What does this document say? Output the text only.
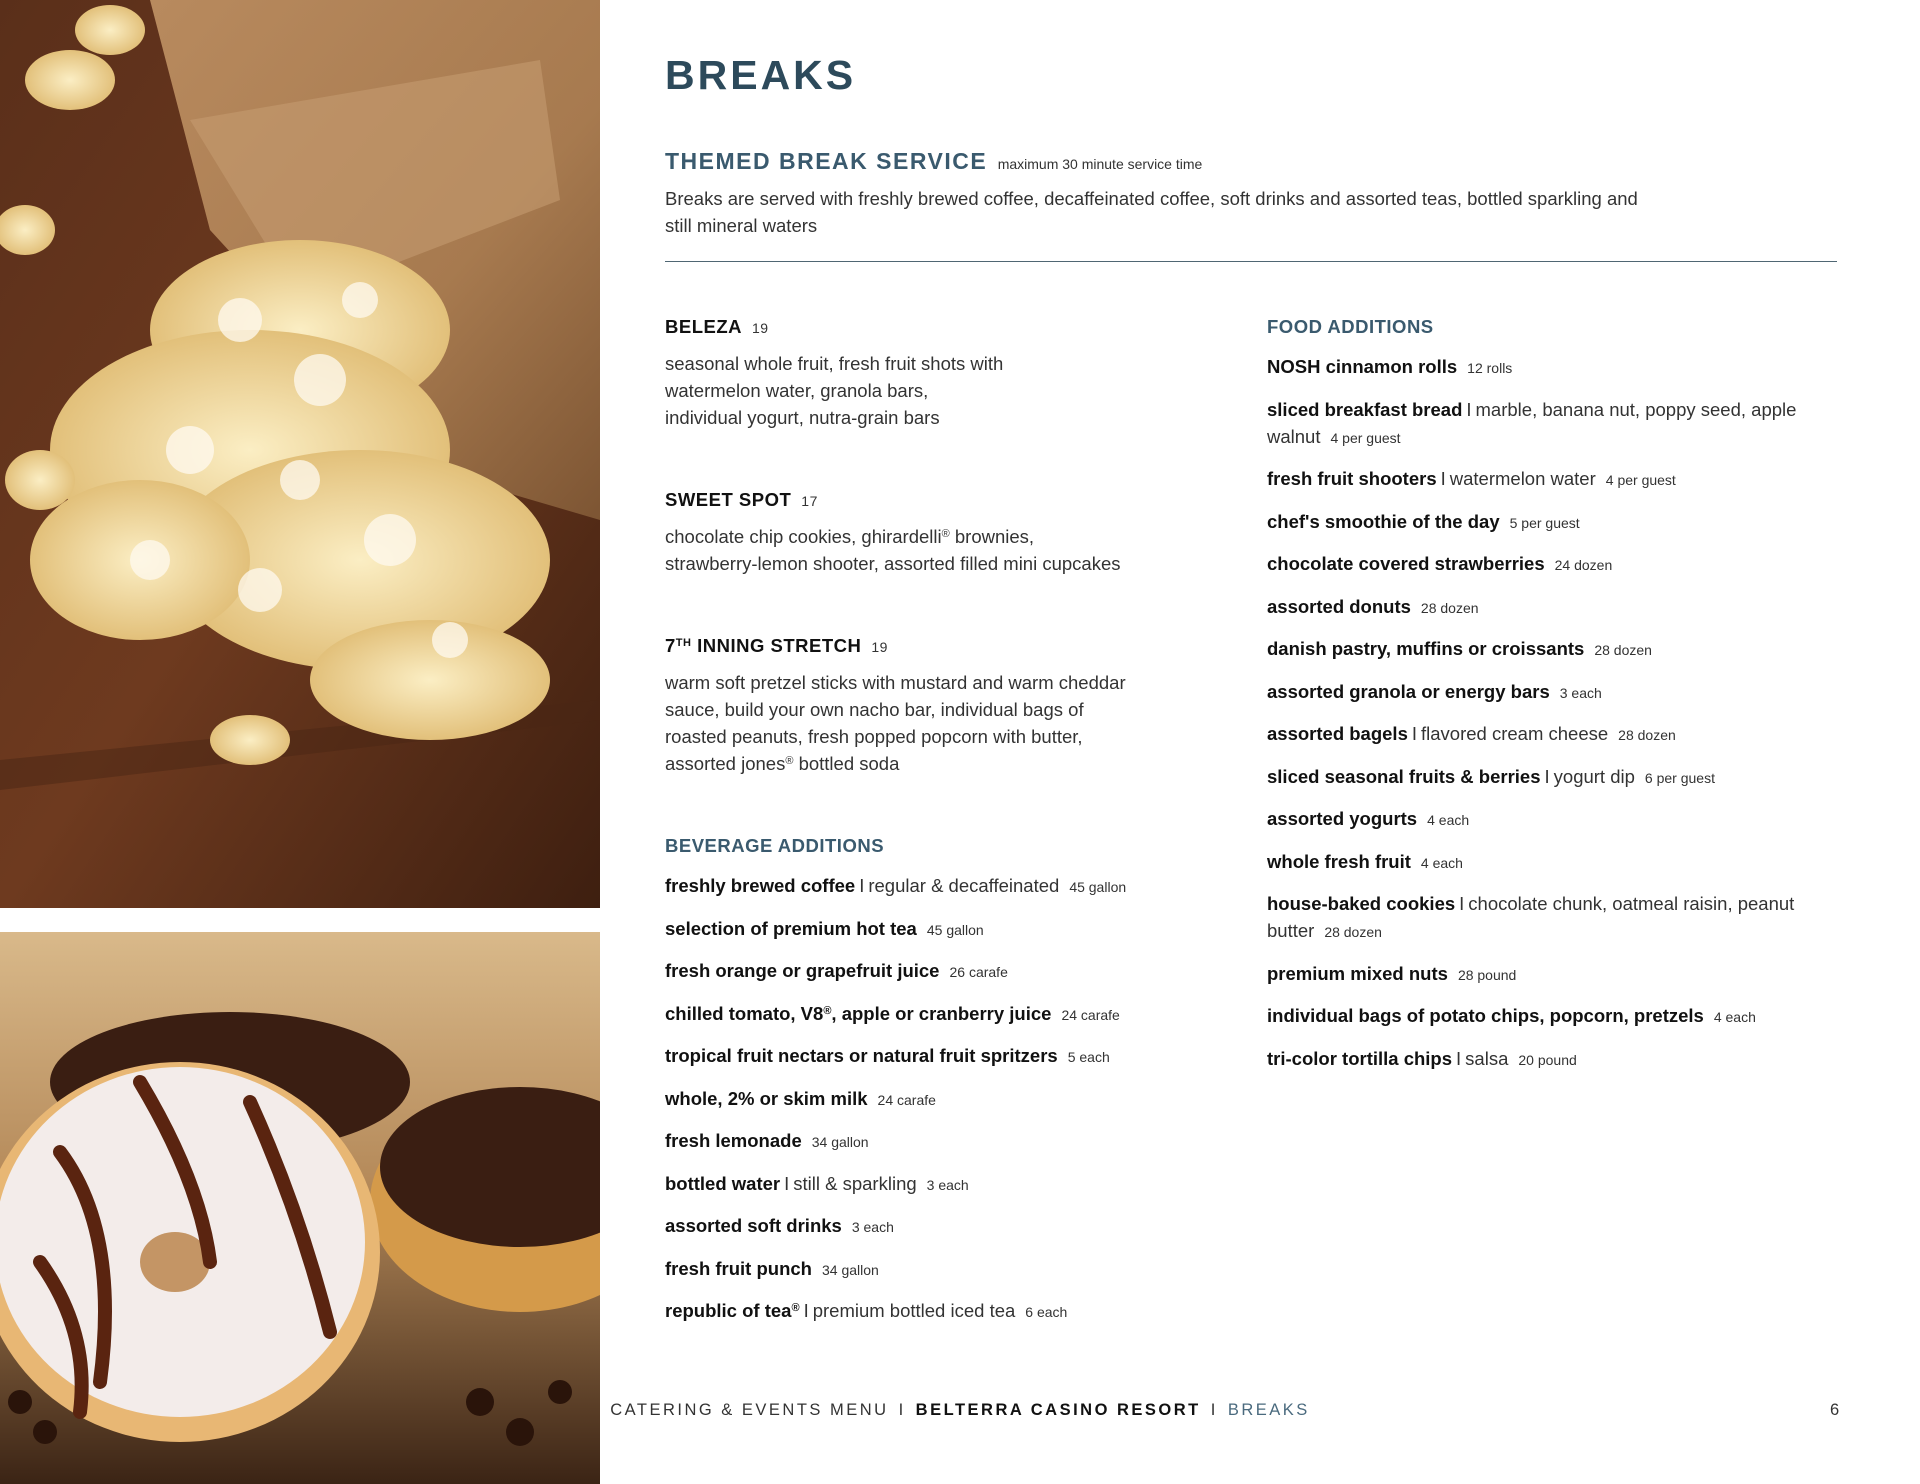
BREAKS
THEMED BREAK SERVICE maximum 30 minute service time
Breaks are served with freshly brewed coffee, decaffeinated coffee, soft drinks and assorted teas, bottled sparkling and still mineral waters
BELEZA 19
seasonal whole fruit, fresh fruit shots with
watermelon water, granola bars,
individual yogurt, nutra-grain bars
SWEET SPOT 17
chocolate chip cookies, ghirardelli® brownies,
strawberry-lemon shooter, assorted filled mini cupcakes
7TH INNING STRETCH 19
warm soft pretzel sticks with mustard and warm cheddar
sauce, build your own nacho bar, individual bags of
roasted peanuts, fresh popped popcorn with butter,
assorted jones® bottled soda
BEVERAGE ADDITIONS
freshly brewed coffee I regular & decaffeinated 45 gallon
selection of premium hot tea 45 gallon
fresh orange or grapefruit juice 26 carafe
chilled tomato, V8®, apple or cranberry juice 24 carafe
tropical fruit nectars or natural fruit spritzers 5 each
whole, 2% or skim milk 24 carafe
fresh lemonade 34 gallon
bottled water I still & sparkling 3 each
assorted soft drinks 3 each
fresh fruit punch 34 gallon
republic of tea® I premium bottled iced tea 6 each
FOOD ADDITIONS
NOSH cinnamon rolls 12 rolls
sliced breakfast bread I marble, banana nut, poppy seed, apple walnut 4 per guest
fresh fruit shooters I watermelon water 4 per guest
chef's smoothie of the day 5 per guest
chocolate covered strawberries 24 dozen
assorted donuts 28 dozen
danish pastry, muffins or croissants 28 dozen
assorted granola or energy bars 3 each
assorted bagels I flavored cream cheese 28 dozen
sliced seasonal fruits & berries I yogurt dip 6 per guest
assorted yogurts 4 each
whole fresh fruit 4 each
house-baked cookies I chocolate chunk, oatmeal raisin, peanut butter 28 dozen
premium mixed nuts 28 pound
individual bags of potato chips, popcorn, pretzels 4 each
tri-color tortilla chips I salsa 20 pound
CATERING & EVENTS MENU I BELTERRA CASINO RESORT I BREAKS	6
